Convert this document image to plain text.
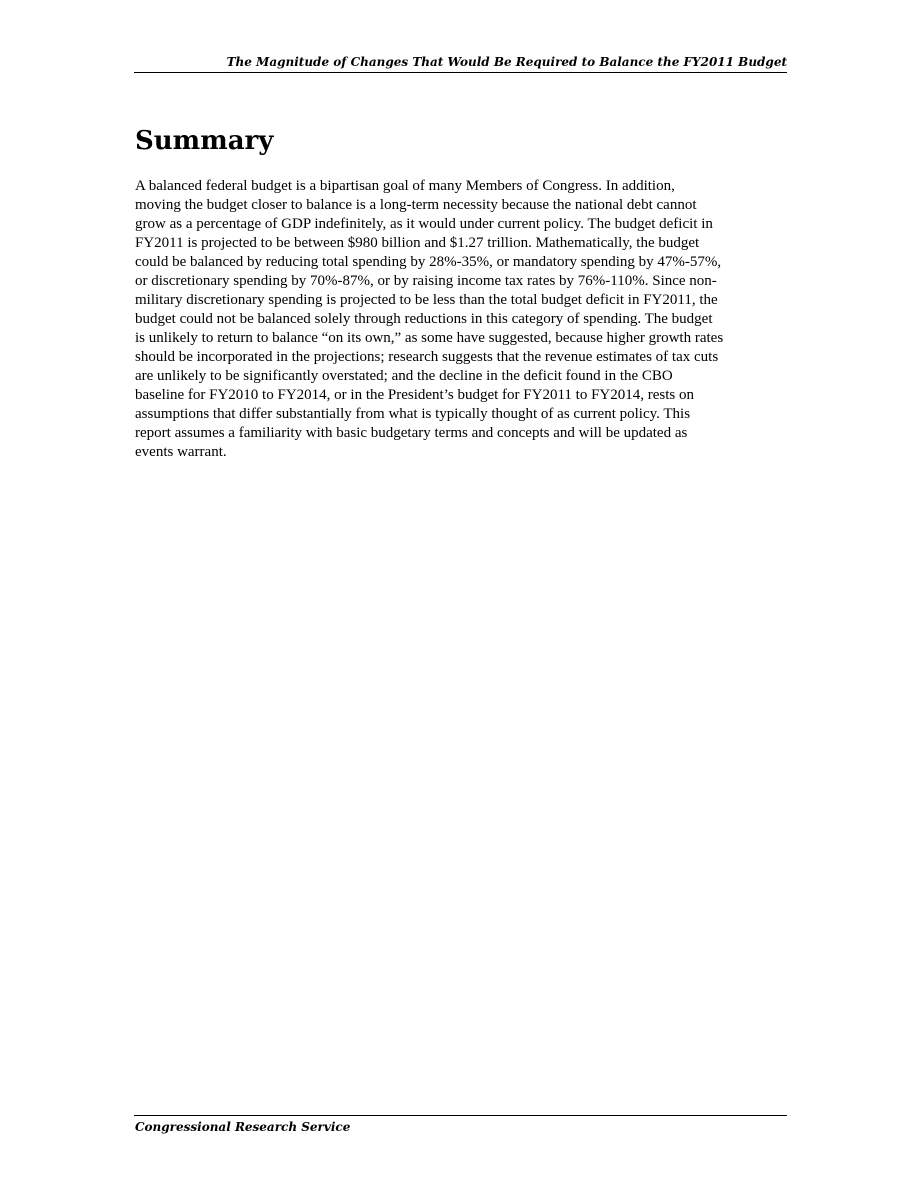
The Magnitude of Changes That Would Be Required to Balance the FY2011 Budget
Summary

A balanced federal budget is a bipartisan goal of many Members of Congress. In addition,
moving the budget closer to balance is a long-term necessity because the national debt cannot
grow as a percentage of GDP indefinitely, as it would under current policy. The budget deficit in
FY2011 is projected to be between $980 billion and $1.27 trillion. Mathematically, the budget
could be balanced by reducing total spending by 28%-35%, or mandatory spending by 47%-57%,
or discretionary spending by 70%-87%, or by raising income tax rates by 76%-110%. Since non-
military discretionary spending is projected to be less than the total budget deficit in FY2011, the
budget could not be balanced solely through reductions in this category of spending. The budget
is unlikely to return to balance “on its own,” as some have suggested, because higher growth rates
should be incorporated in the projections; research suggests that the revenue estimates of tax cuts
are unlikely to be significantly overstated; and the decline in the deficit found in the CBO
baseline for FY2010 to FY2014, or in the President’s budget for FY2011 to FY2014, rests on
assumptions that differ substantially from what is typically thought of as current policy. This
report assumes a familiarity with basic budgetary terms and concepts and will be updated as
events warrant.

Congressional Research Service
